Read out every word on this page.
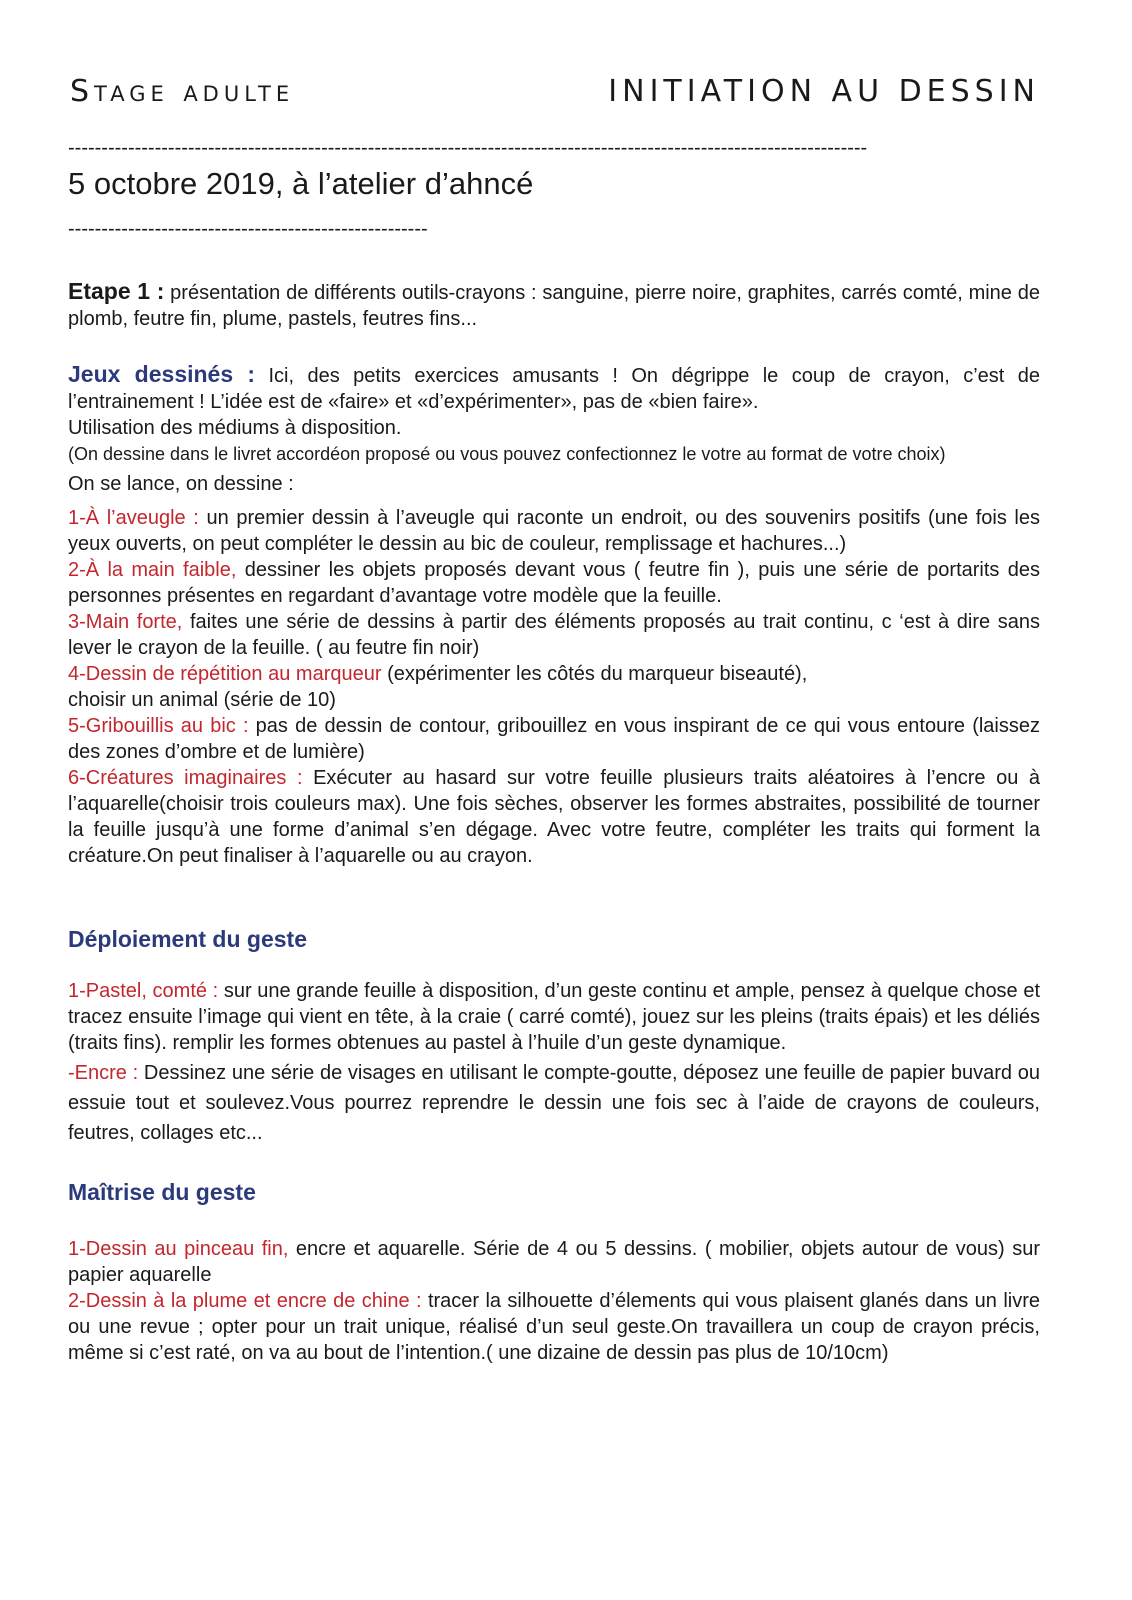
Stage adulte	INITIATION AU DESSIN
------------------------------------------------------------------------------------------------------------------------
5 octobre 2019, à l’atelier d’ahncé
------------------------------------------------------

Etape 1 : présentation de différents outils-crayons : sanguine, pierre noire, graphites, carrés comté, mine de plomb, feutre fin, plume, pastels, feutres fins...

Jeux dessinés : Ici, des petits exercices amusants ! On dégrippe le coup de crayon, c’est de l’entrainement ! L’idée est de «faire» et «d’expérimenter», pas de «bien faire».

Utilisation des médiums à disposition.

(On dessine dans le livret accordéon proposé ou vous pouvez confectionnez le votre au format de votre choix)

On se lance, on dessine :

1-À l’aveugle : un premier dessin à l’aveugle qui raconte un endroit, ou des souvenirs positifs (une fois les yeux ouverts, on peut compléter le dessin au bic de couleur, remplissage et hachures...)

2-À la main faible, dessiner les objets proposés devant vous ( feutre fin ), puis une série de portarits des personnes présentes en regardant d’avantage votre modèle que la feuille.

3-Main forte, faites une série de dessins à partir des éléments proposés au trait continu, c ‘est à dire sans lever le crayon de la feuille. ( au feutre fin noir)

4-Dessin de répétition au marqueur (expérimenter les côtés du marqueur biseauté),
choisir un animal (série de 10)

5-Gribouillis au bic : pas de dessin de contour, gribouillez en vous inspirant de ce qui vous entoure (laissez des zones d’ombre et de lumière)

6-Créatures imaginaires : Exécuter au hasard sur votre feuille plusieurs traits aléatoires à l’encre ou à l’aquarelle(choisir trois couleurs max). Une fois sèches, observer les formes abstraites, possibilité de tourner la feuille jusqu’à une forme d’animal s’en dégage. Avec votre feutre, compléter les traits qui forment la créature.On peut finaliser à l’aquarelle ou au crayon.

Déploiement du geste

1-Pastel, comté : sur une grande feuille à disposition, d’un geste continu et ample, pensez à quelque chose et tracez ensuite l’image qui vient en tête, à la craie ( carré comté), jouez sur les pleins (traits épais) et les déliés (traits fins). remplir les formes obtenues au pastel à l’huile d’un geste dynamique.

-Encre : Dessinez une série de visages en utilisant le compte-goutte, déposez une feuille de papier buvard ou essuie tout et soulevez.Vous pourrez reprendre le dessin une fois sec à l’aide de crayons de couleurs, feutres, collages etc...

Maîtrise du geste

1-Dessin au pinceau fin, encre et aquarelle. Série de 4 ou 5 dessins. ( mobilier, objets autour de vous) sur papier aquarelle

2-Dessin à la plume et encre de chine : tracer la silhouette d’élements qui vous plaisent glanés dans un livre ou une revue ; opter pour un trait unique, réalisé d’un seul geste.On travaillera un coup de crayon précis, même si c’est raté, on va au bout de l’intention.( une dizaine de dessin pas plus de 10/10cm)
